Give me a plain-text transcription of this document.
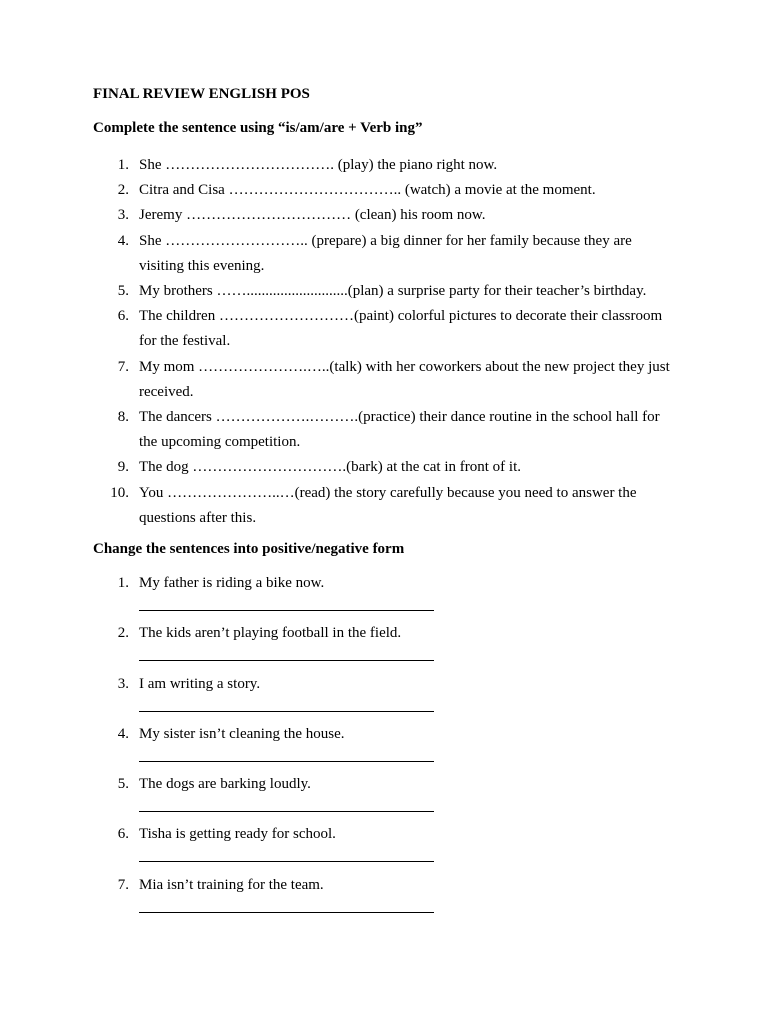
FINAL REVIEW ENGLISH POS
Complete the sentence using “is/am/are + Verb ing”
1. She ……………………………. (play) the piano right now.
2. Citra and Cisa …………………………….. (watch) a movie at the moment.
3. Jeremy …………………………… (clean) his room now.
4. She ……………………….. (prepare) a big dinner for her family because they are visiting this evening.
5. My brothers ……...........................(plan) a surprise party for their teacher’s birthday.
6. The children ………………………(paint) colorful pictures to decorate their classroom for the festival.
7. My mom ………………….…..(talk) with her coworkers about the new project they just received.
8. The dancers ……………….……….(practice) their dance routine in the school hall for the upcoming competition.
9. The dog ………………………….(bark) at the cat in front of it.
10. You …………………..…(read) the story carefully because you need to answer the questions after this.
Change the sentences into positive/negative form
1. My father is riding a bike now.
2. The kids aren’t playing football in the field.
3. I am writing a story.
4. My sister isn’t cleaning the house.
5. The dogs are barking loudly.
6. Tisha is getting ready for school.
7. Mia isn’t training for the team.
